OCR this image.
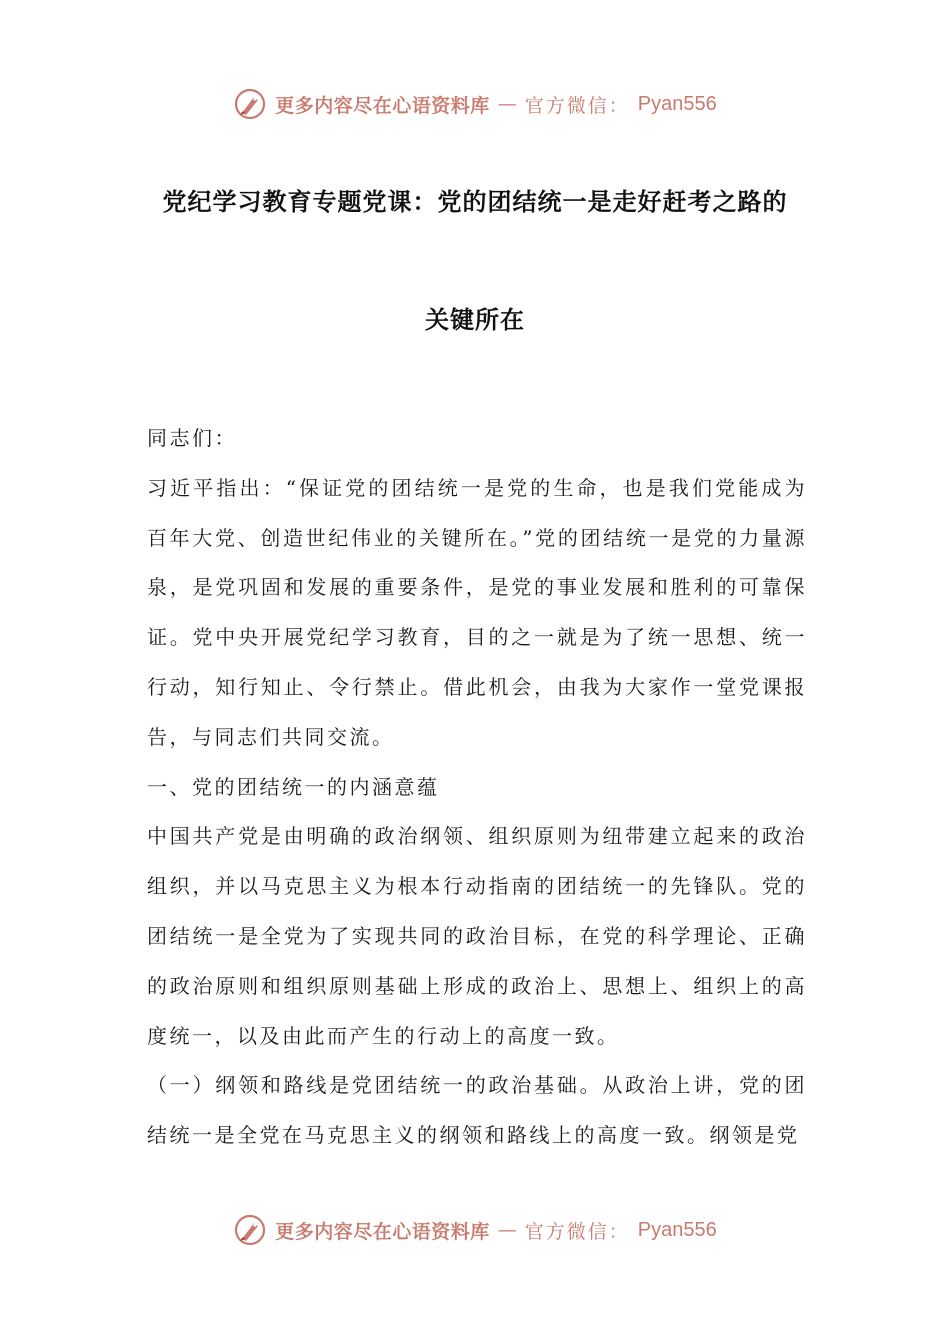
更多内容尽在心语资料库 — 官方微信： Pyan556
党纪学习教育专题党课：党的团结统一是走好赶考之路的
关键所在

同志们：

习近平指出：“保证党的团结统一是党的生命，也是我们党能成为百年大党、创造世纪伟业的关键所在。”党的团结统一是党的力量源泉，是党巩固和发展的重要条件，是党的事业发展和胜利的可靠保证。党中央开展党纪学习教育，目的之一就是为了统一思想、统一行动，知行知止、令行禁止。借此机会，由我为大家作一堂党课报告，与同志们共同交流。

一、党的团结统一的内涵意蕴

中国共产党是由明确的政治纲领、组织原则为纽带建立起来的政治组织，并以马克思主义为根本行动指南的团结统一的先锋队。党的团结统一是全党为了实现共同的政治目标，在党的科学理论、正确的政治原则和组织原则基础上形成的政治上、思想上、组织上的高度统一，以及由此而产生的行动上的高度一致。

（一）纲领和路线是党团结统一的政治基础。从政治上讲，党的团结统一是全党在马克思主义的纲领和路线上的高度一致。纲领是党

更多内容尽在心语资料库 — 官方微信： Pyan556
